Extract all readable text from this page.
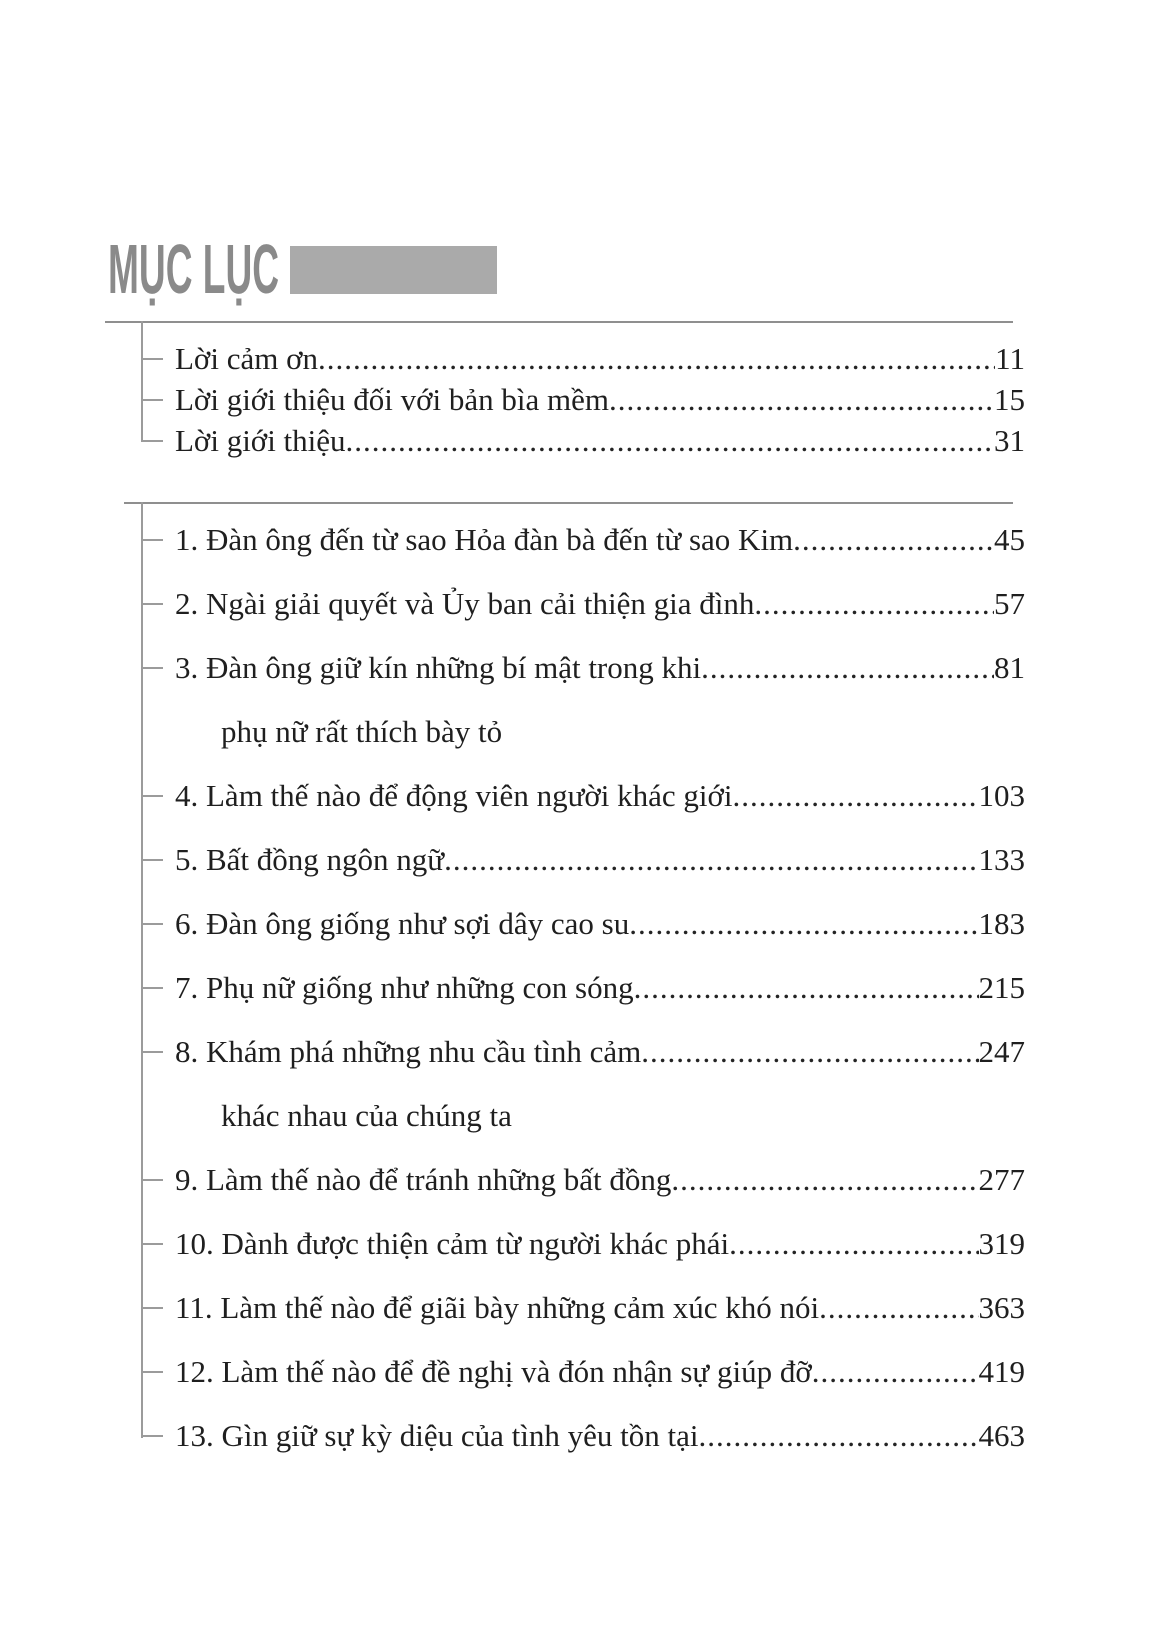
MỤC LỤC
Lời cảm ơn .....	11
Lời giới thiệu đối với bản bìa mềm .....	15
Lời giới thiệu .....	31
1. Đàn ông đến từ sao Hỏa đàn bà đến từ sao Kim .....	45
2. Ngài giải quyết và Ủy ban cải thiện gia đình .....	57
3. Đàn ông giữ kín những bí mật trong khi .....	81
phụ nữ rất thích bày tỏ
4. Làm thế nào để động viên người khác giới .....	103
5. Bất đồng ngôn ngữ .....	133
6. Đàn ông giống như sợi dây cao su .....	183
7. Phụ nữ giống như những con sóng .....	215
8. Khám phá những nhu cầu tình cảm .....	247
khác nhau của chúng ta
9. Làm thế nào để tránh những bất đồng .....	277
10. Dành được thiện cảm từ người khác phái .....	319
11. Làm thế nào để giãi bày những cảm xúc khó nói .....	363
12. Làm thế nào để đề nghị và đón nhận sự giúp đỡ .....	419
13. Gìn giữ sự kỳ diệu của tình yêu tồn tại .....	463
